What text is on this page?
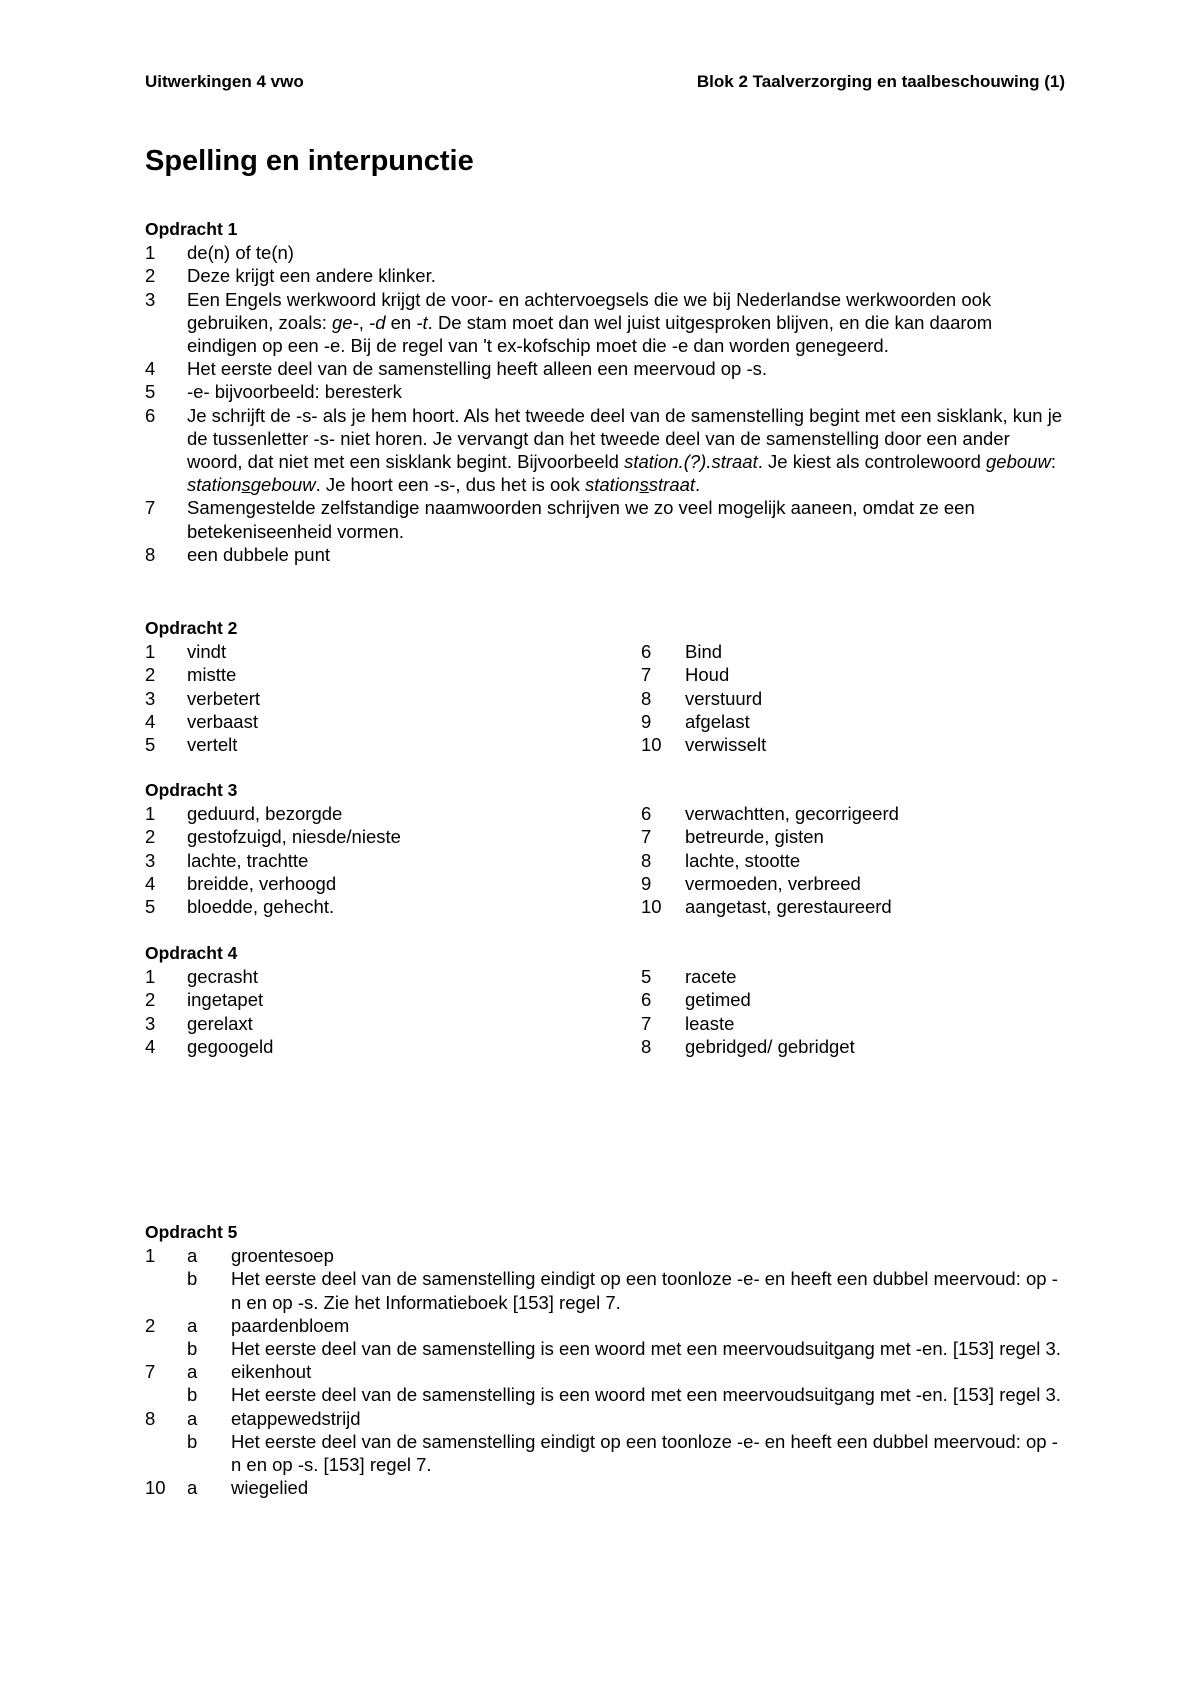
Uitwerkingen 4 vwo	Blok 2 Taalverzorging en taalbeschouwing (1)
Spelling en interpunctie
Opdracht 1
1	de(n) of te(n)
2	Deze krijgt een andere klinker.
3	Een Engels werkwoord krijgt de voor- en achtervoegsels die we bij Nederlandse werkwoorden ook gebruiken, zoals: ge-, -d en -t. De stam moet dan wel juist uitgesproken blijven, en die kan daarom eindigen op een -e. Bij de regel van 't ex-kofschip moet die -e dan worden genegeerd.
4	Het eerste deel van de samenstelling heeft alleen een meervoud op -s.
5	-e- bijvoorbeeld: beresterk
6	Je schrijft de -s- als je hem hoort. Als het tweede deel van de samenstelling begint met een sisklank, kun je de tussenletter -s- niet horen. Je vervangt dan het tweede deel van de samenstelling door een ander woord, dat niet met een sisklank begint. Bijvoorbeeld station.(?).straat. Je kiest als controlewoord gebouw: stationsgebouw. Je hoort een -s-, dus het is ook stationsstraat.
7	Samengestelde zelfstandige naamwoorden schrijven we zo veel mogelijk aaneen, omdat ze een betekeniseenheid vormen.
8	een dubbele punt
Opdracht 2
1	vindt
2	mistte
3	verbetert
4	verbaast
5	vertelt
6	Bind
7	Houd
8	verstuurd
9	afgelast
10	verwisselt
Opdracht 3
1	geduurd, bezorgde
2	gestofzuigd, niesde/nieste
3	lachte, trachtte
4	breidde, verhoogd
5	bloedde, gehecht.
6	verwachtten, gecorrigeerd
7	betreurde, gisten
8	lachte, stootte
9	vermoeden, verbreed
10	aangetast, gerestaureerd
Opdracht 4
1	gecrasht
2	ingetapet
3	gerelaxt
4	gegoogeld
5	racete
6	getimed
7	leaste
8	gebridged/ gebridget
Opdracht 5
1	a	groentesoep
b	Het eerste deel van de samenstelling eindigt op een toonloze -e- en heeft een dubbel meervoud: op -n en op -s. Zie het Informatieboek [153] regel 7.
2	a	paardenbloem
b	Het eerste deel van de samenstelling is een woord met een meervoudsuitgang met -en. [153] regel 3.
7	a	eikenhout
b	Het eerste deel van de samenstelling is een woord met een meervoudsuitgang met -en. [153] regel 3.
8	a	etappewedstrijd
b	Het eerste deel van de samenstelling eindigt op een toonloze -e- en heeft een dubbel meervoud: op -n en op -s. [153] regel 7.
10	a	wiegelied
